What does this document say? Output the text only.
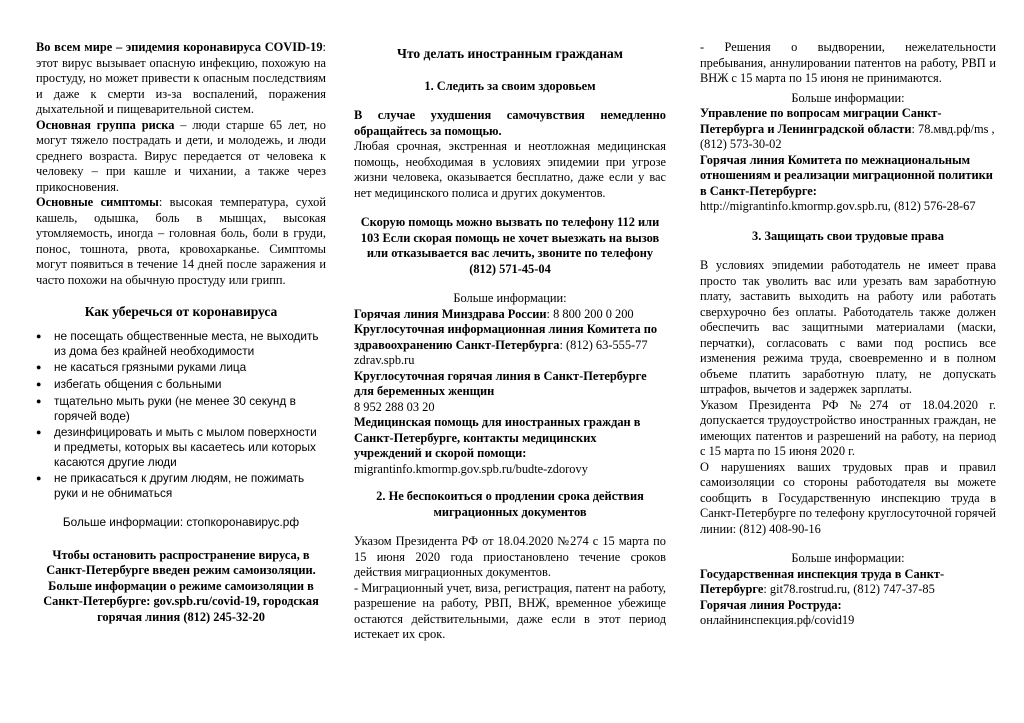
Во всем мире – эпидемия коронавируса COVID-19: этот вирус вызывает опасную инфекцию, похожую на простуду, но может привести к опасным последствиям и даже к смерти из-за воспалений, поражения дыхательной и пищеварительной систем.

Основная группа риска – люди старше 65 лет, но могут тяжело пострадать и дети, и молодежь, и люди среднего возраста. Вирус передается от человека к человеку – при кашле и чихании, а также через прикосновения.

Основные симптомы: высокая температура, сухой кашель, одышка, боль в мышцах, высокая утомляемость, иногда – головная боль, боли в груди, понос, тошнота, рвота, кровохарканье. Симптомы могут появиться в течение 14 дней после заражения и часто похожи на обычную простуду или грипп.

Как уберечься от коронавируса
● не посещать общественные места, не выходить из дома без крайней необходимости
● не касаться грязными руками лица
● избегать общения с больными
● тщательно мыть руки (не менее 30 секунд в горячей воде)
● дезинфицировать и мыть с мылом поверхности и предметы, которых вы касаетесь или которых касаются другие люди
● не прикасаться к другим людям, не пожимать руки и не обниматься

Больше информации: стопкоронавирус.рф

Чтобы остановить распространение вируса, в Санкт-Петербурге введен режим самоизоляции. Больше информации о режиме самоизоляции в Санкт-Петербурге: gov.spb.ru/covid-19, городская горячая линия (812) 245-32-20

Что делать иностранным гражданам
1. Следить за своим здоровьем

В случае ухудшения самочувствия немедленно обращайтесь за помощью.

Любая срочная, экстренная и неотложная медицинская помощь, необходимая в условиях эпидемии при угрозе жизни человека, оказывается бесплатно, даже если у вас нет медицинского полиса и других документов.

Скорую помощь можно вызвать по телефону 112 или 103 Если скорая помощь не хочет выезжать на вызов или отказывается вас лечить, звоните по телефону (812) 571-45-04

Больше информации:

Горячая линия Минздрава России: 8 800 200 0 200

Круглосуточная информационная линия Комитета по здравоохранению Санкт-Петербурга: (812) 63-555-77 zdrav.spb.ru

Круглосуточная горячая линия в Санкт-Петербурге для беременных женщин
8 952 288 03 20

Медицинская помощь для иностранных граждан в Санкт-Петербурге, контакты медицинских учреждений и скорой помощи:
migrantinfo.kmormp.gov.spb.ru/budte-zdorovy

2. Не беспокоиться о продлении срока действия миграционных документов

Указом Президента РФ от 18.04.2020 №274 с 15 марта по 15 июня 2020 года приостановлено течение сроков действия миграционных документов.

- Миграционный учет, виза, регистрация, патент на работу, разрешение на работу, РВП, ВНЖ, временное убежище остаются действительными, даже если в этот период истекает их срок.

- Решения о выдворении, нежелательности пребывания, аннулировании патентов на работу, РВП и ВНЖ с 15 марта по 15 июня не принимаются.

Больше информации:

Управление по вопросам миграции Санкт-Петербурга и Ленинградской области: 78.мвд.рф/ms , (812) 573-30-02

Горячая линия Комитета по межнациональным отношениям и реализации миграционной политики в Санкт-Петербурге:
http://migrantinfo.kmormp.gov.spb.ru, (812) 576-28-67

3. Защищать свои трудовые права

В условиях эпидемии работодатель не имеет права просто так уволить вас или урезать вам заработную плату, заставить выходить на работу или работать сверхурочно без оплаты. Работодатель также должен обеспечить вас защитными материалами (маски, перчатки), согласовать с вами под роспись все изменения режима труда, своевременно и в полном объеме платить заработную плату, не допускать штрафов, вычетов и задержек зарплаты.

Указом Президента РФ №274 от 18.04.2020 г. допускается трудоустройство иностранных граждан, не имеющих патентов и разрешений на работу, на период с 15 марта по 15 июня 2020 г.

О нарушениях ваших трудовых прав и правил самоизоляции со стороны работодателя вы можете сообщить в Государственную инспекцию труда в Санкт-Петербурге по телефону круглосуточной горячей линии: (812) 408-90-16

Больше информации:

Государственная инспекция труда в Санкт-Петербурге: git78.rostrud.ru, (812) 747-37-85

Горячая линия Роструда:
онлайнинспекция.рф/covid19
